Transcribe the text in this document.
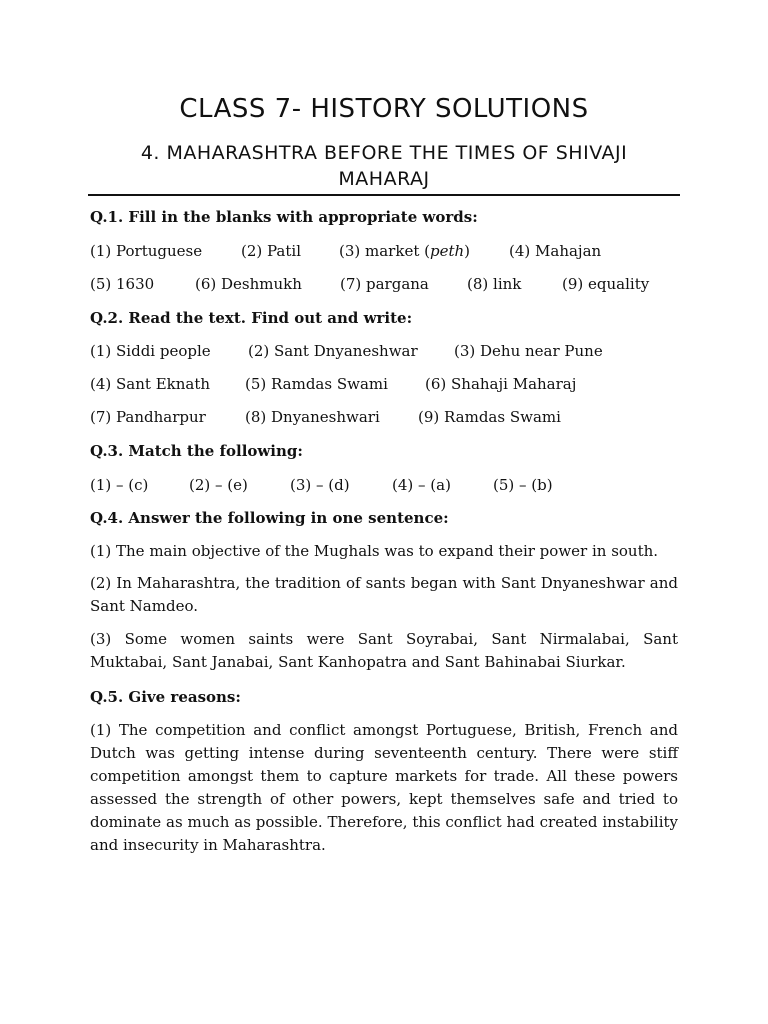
CLASS 7- HISTORY SOLUTIONS
4. MAHARASHTRA BEFORE THE TIMES OF SHIVAJI MAHARAJ
Q.1. Fill in the blanks with appropriate words:
(1) Portuguese	(2) Patil	(3) market (peth)	(4) Mahajan
(5) 1630	(6) Deshmukh	(7) pargana	(8) link	(9) equality
Q.2. Read the text. Find out and write:
(1) Siddi people (2) Sant Dnyaneshwar (3) Dehu near Pune
(4) Sant Eknath (5) Ramdas Swami (6) Shahaji Maharaj
(7) Pandharpur	(8) Dnyaneshwari	(9) Ramdas Swami
Q.3. Match the following:
(1) – (c)	(2) – (e)	(3) – (d)	(4) – (a)	(5) – (b)
Q.4. Answer the following in one sentence:
(1) The main objective of the Mughals was to expand their power in south.
(2) In Maharashtra, the tradition of sants began with Sant Dnyaneshwar and Sant Namdeo.
(3) Some women saints were Sant Soyrabai, Sant Nirmalabai, Sant Muktabai, Sant Janabai, Sant Kanhopatra and Sant Bahinabai Siurkar.
Q.5. Give reasons:
(1) The competition and conflict amongst Portuguese, British, French and Dutch was getting intense during seventeenth century. There were stiff competition amongst them to capture markets for trade. All these powers assessed the strength of other powers, kept themselves safe and tried to dominate as much as possible. Therefore, this conflict had created instability and insecurity in Maharashtra.
